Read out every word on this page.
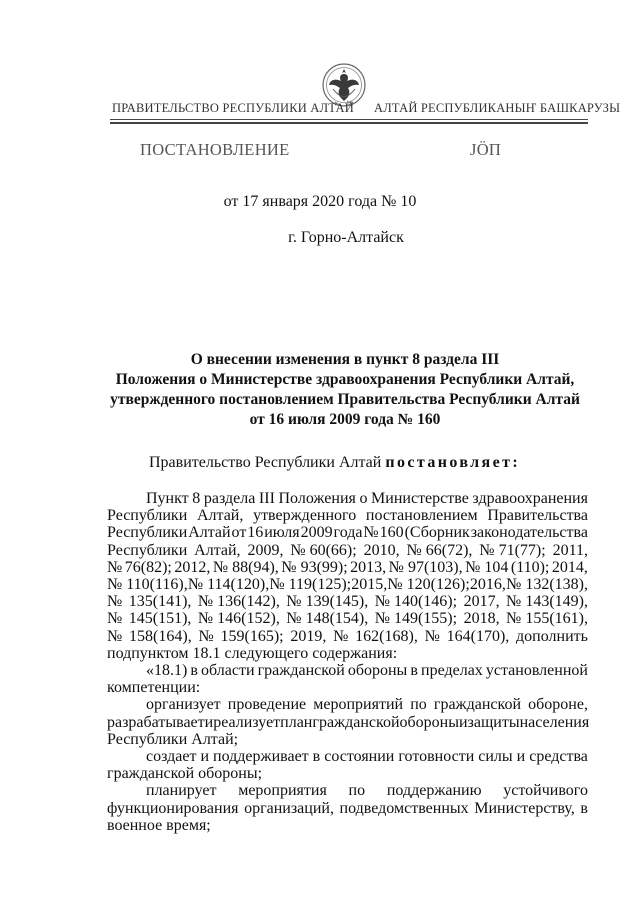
ПРАВИТЕЛЬСТВО РЕСПУБЛИКИ АЛТАЙ АЛТАЙ РЕСПУБЛИКАНЫҤ БАШКАРУЗЫ
ПОСТАНОВЛЕНИЕ	ЈÖП
от 17 января 2020 года № 10
г. Горно-Алтайск
О внесении изменения в пункт 8 раздела III
Положения о Министерстве здравоохранения Республики Алтай,
утвержденного постановлением Правительства Республики Алтай
от 16 июля 2009 года № 160
Правительство Республики Алтай постановляет:
Пункт 8 раздела III Положения о Министерстве здравоохранения
Республики Алтай, утвержденного постановлением Правительства
Республики Алтай от 16 июля 2009 года № 160 (Сборник законодательства
Республики Алтай, 2009, № 60(66); 2010, № 66(72), № 71(77); 2011,
№ 76(82); 2012, № 88(94), № 93(99); 2013, № 97(103), № 104 (110); 2014,
№ 110(116), № 114(120), № 119(125); 2015, № 120(126); 2016, № 132(138),
№ 135(141), № 136(142), № 139(145), № 140(146); 2017, № 143(149),
№ 145(151), № 146(152), № 148(154), № 149(155); 2018, № 155(161),
№ 158(164), № 159(165); 2019, № 162(168), № 164(170), дополнить
подпунктом 18.1 следующего содержания:
«18.1) в области гражданской обороны в пределах установленной
компетенции:
организует проведение мероприятий по гражданской обороне,
разрабатывает и реализует план гражданской обороны и защиты населения
Республики Алтай;
создает и поддерживает в состоянии готовности силы и средства
гражданской обороны;
планирует мероприятия по поддержанию устойчивого
функционирования организаций, подведомственных Министерству, в
военное время;
